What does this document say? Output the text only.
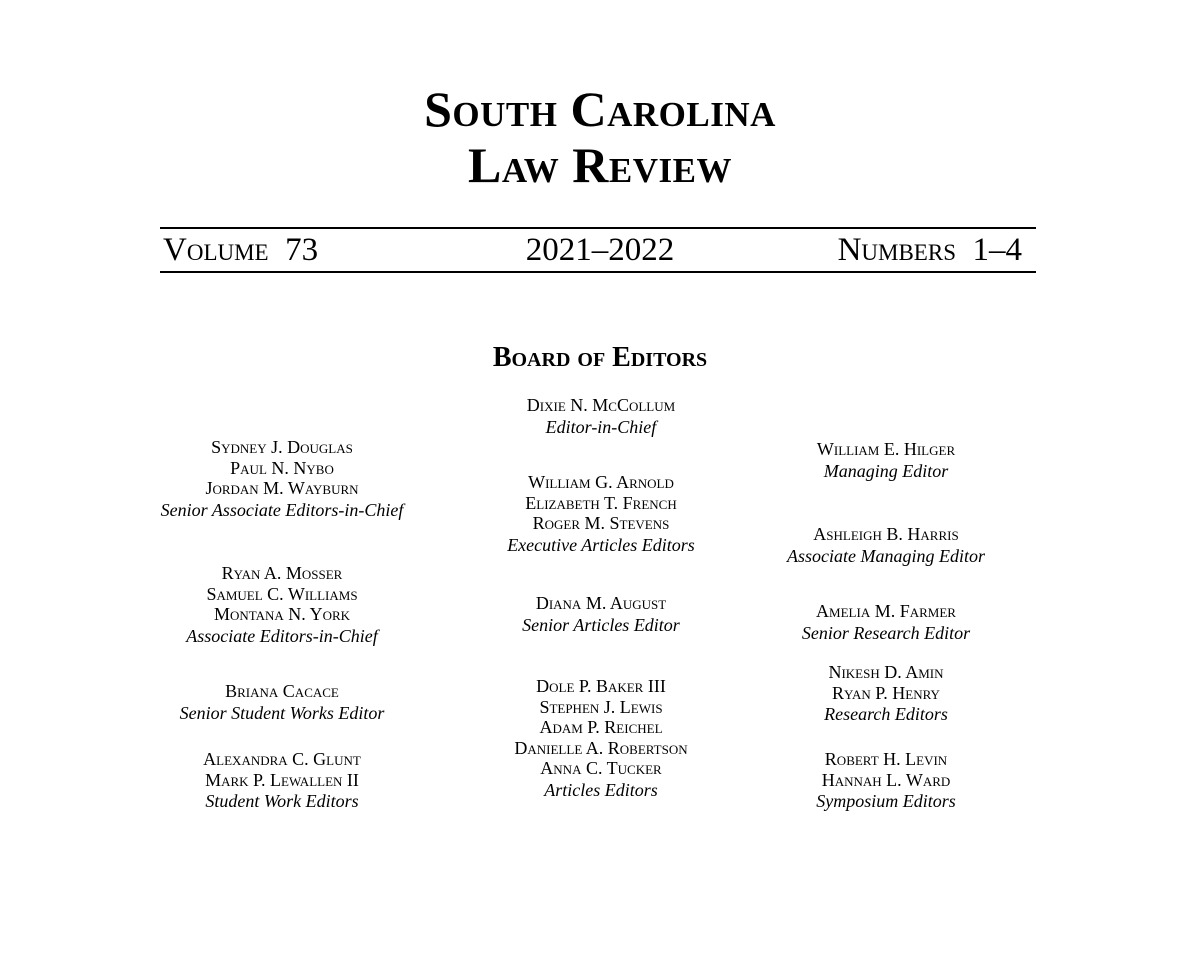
South Carolina
Law Review
Volume  73	2021–2022	Numbers  1–4
Board of Editors
Dixie N. McCollum
Editor-in-Chief
Sydney J. Douglas
Paul N. Nybo
Jordan M. Wayburn
Senior Associate Editors-in-Chief
William E. Hilger
Managing Editor
William G. Arnold
Elizabeth T. French
Roger M. Stevens
Executive Articles Editors
Ashleigh B. Harris
Associate Managing Editor
Ryan A. Mosser
Samuel C. Williams
Montana N. York
Associate Editors-in-Chief
Diana M. August
Senior Articles Editor
Amelia M. Farmer
Senior Research Editor
Nikesh D. Amin
Ryan P. Henry
Research Editors
Briana Cacace
Senior Student Works Editor
Dole P. Baker III
Stephen J. Lewis
Adam P. Reichel
Danielle A. Robertson
Anna C. Tucker
Articles Editors
Alexandra C. Glunt
Mark P. Lewallen II
Student Work Editors
Robert H. Levin
Hannah L. Ward
Symposium Editors
